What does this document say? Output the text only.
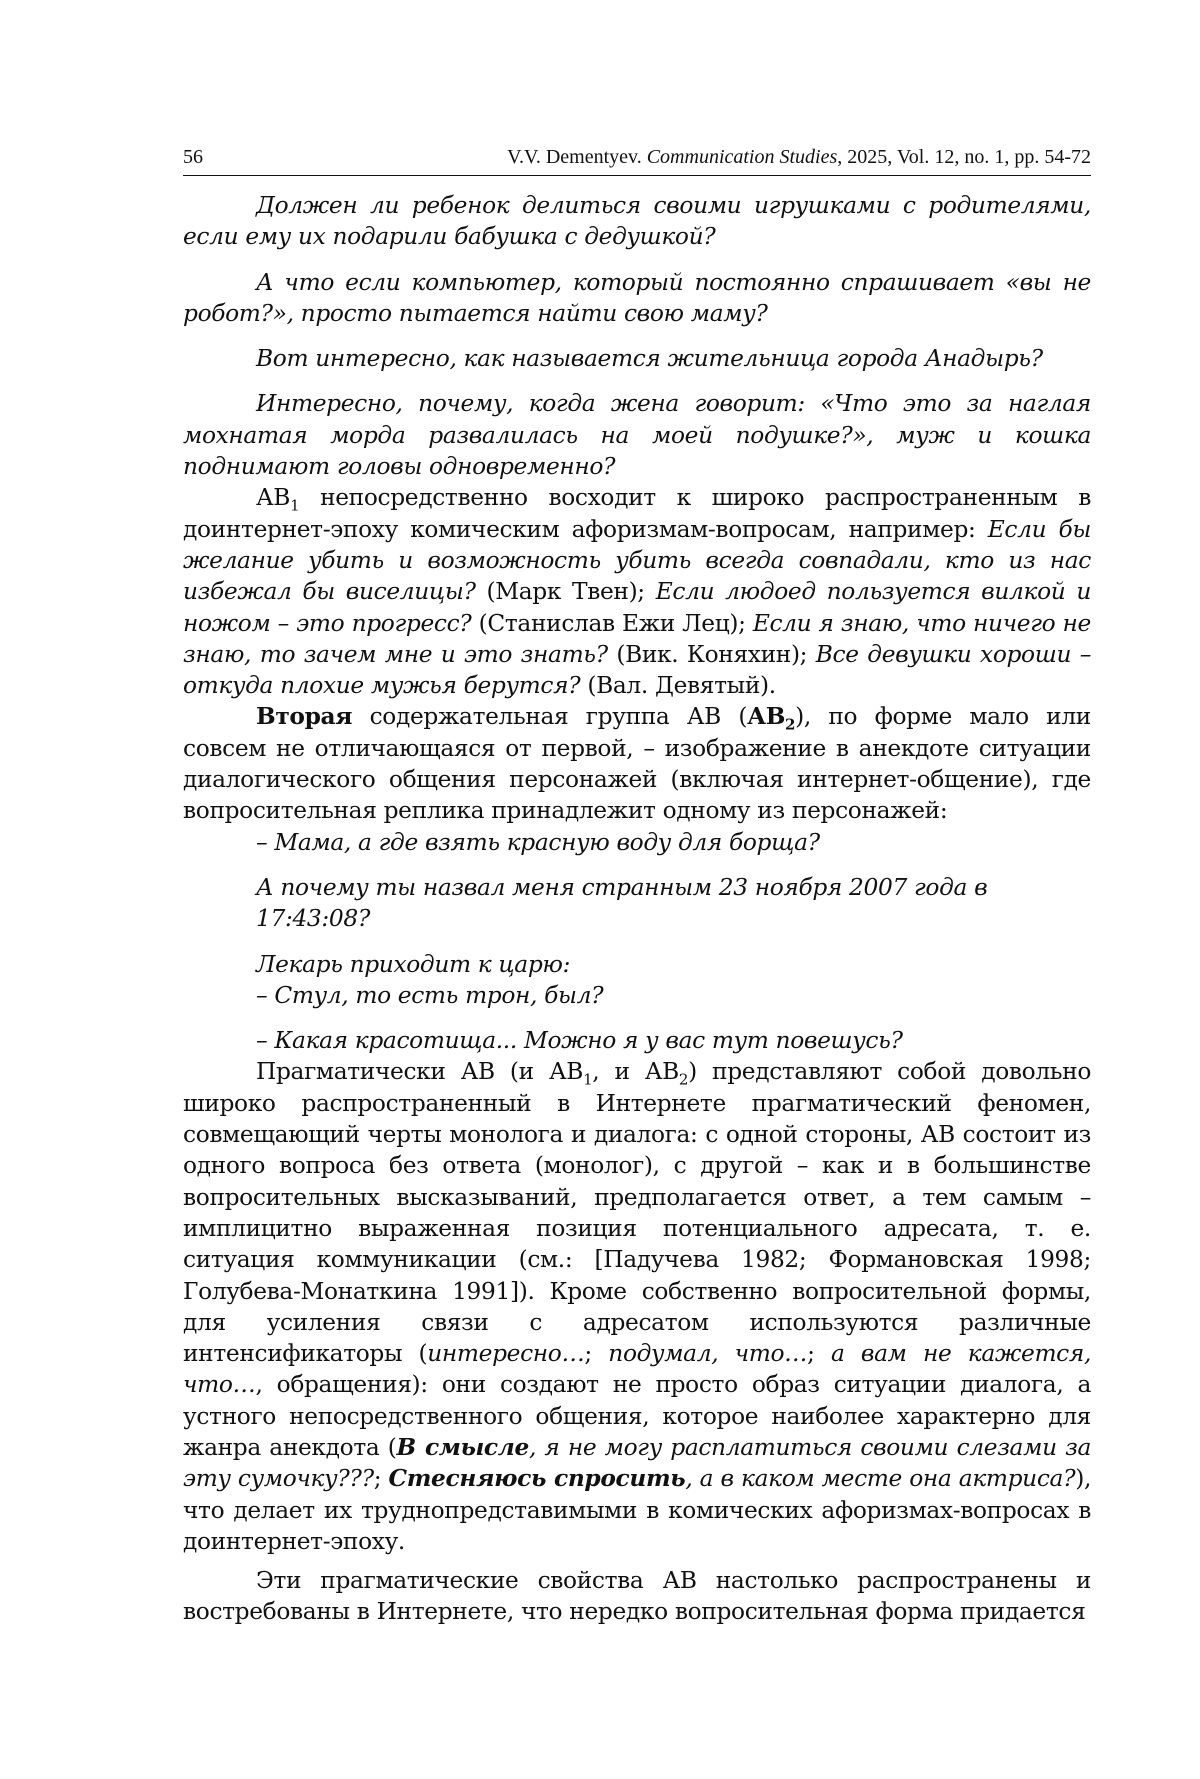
56	V.V. Dementyev. Communication Studies, 2025, Vol. 12, no. 1, pp. 54-72

Должен ли ребенок делиться своими игрушками с родителями, если ему их подарили бабушка с дедушкой?

А что если компьютер, который постоянно спрашивает «вы не робот?», просто пытается найти свою маму?

Вот интересно, как называется жительница города Анадырь?

Интересно, почему, когда жена говорит: «Что это за наглая мохнатая морда развалилась на моей подушке?», муж и кошка поднимают головы одновременно?

$АВ_1$ непосредственно восходит к широко распространенным в доинтернет-эпоху комическим афоризмам-вопросам, например: Если бы желание убить и возможность убить всегда совпадали, кто из нас избежал бы виселицы? (Марк Твен); Если людоед пользуется вилкой и ножом – это прогресс? (Станислав Ежи Лец); Если я знаю, что ничего не знаю, то зачем мне и это знать? (Вик. Коняхин); Все девушки хороши – откуда плохие мужья берутся? (Вал. Девятый).

Вторая содержательная группа АВ $(АВ_2)$, по форме мало или совсем не отличающаяся от первой, – изображение в анекдоте ситуации диалогического общения персонажей (включая интернет-общение), где вопросительная реплика принадлежит одному из персонажей:

– Мама, а где взять красную воду для борща?

А почему ты назвал меня странным 23 ноября 2007 года в 17:43:08?

Лекарь приходит к царю:

– Стул, то есть трон, был?

– Какая красотища... Можно я у вас тут повешусь?

Прагматически АВ (и $АВ_1$, и $АВ_2$) представляют собой довольно широко распространенный в Интернете прагматический феномен, совмещающий черты монолога и диалога: с одной стороны, АВ состоит из одного вопроса без ответа (монолог), с другой – как и в большинстве вопросительных высказываний, предполагается ответ, а тем самым – имплицитно выраженная позиция потенциального адресата, т. е. ситуация коммуникации (см.: [Падучева 1982; Формановская 1998; Голубева-Монаткина 1991]). Кроме собственно вопросительной формы, для усиления связи с адресатом используются различные интенсификаторы (интересно…; подумал, что…; а вам не кажется, что…, обращения): они создают не просто образ ситуации диалога, а устного непосредственного общения, которое наиболее характерно для жанра анекдота (В смысле, я не могу расплатиться своими слезами за эту сумочку???; Стесняюсь спросить, а в каком месте она актриса?), что делает их труднопредставимыми в комических афоризмах-вопросах в доинтернет-эпоху.

Эти прагматические свойства АВ настолько распространены и востребованы в Интернете, что нередко вопросительная форма придается
